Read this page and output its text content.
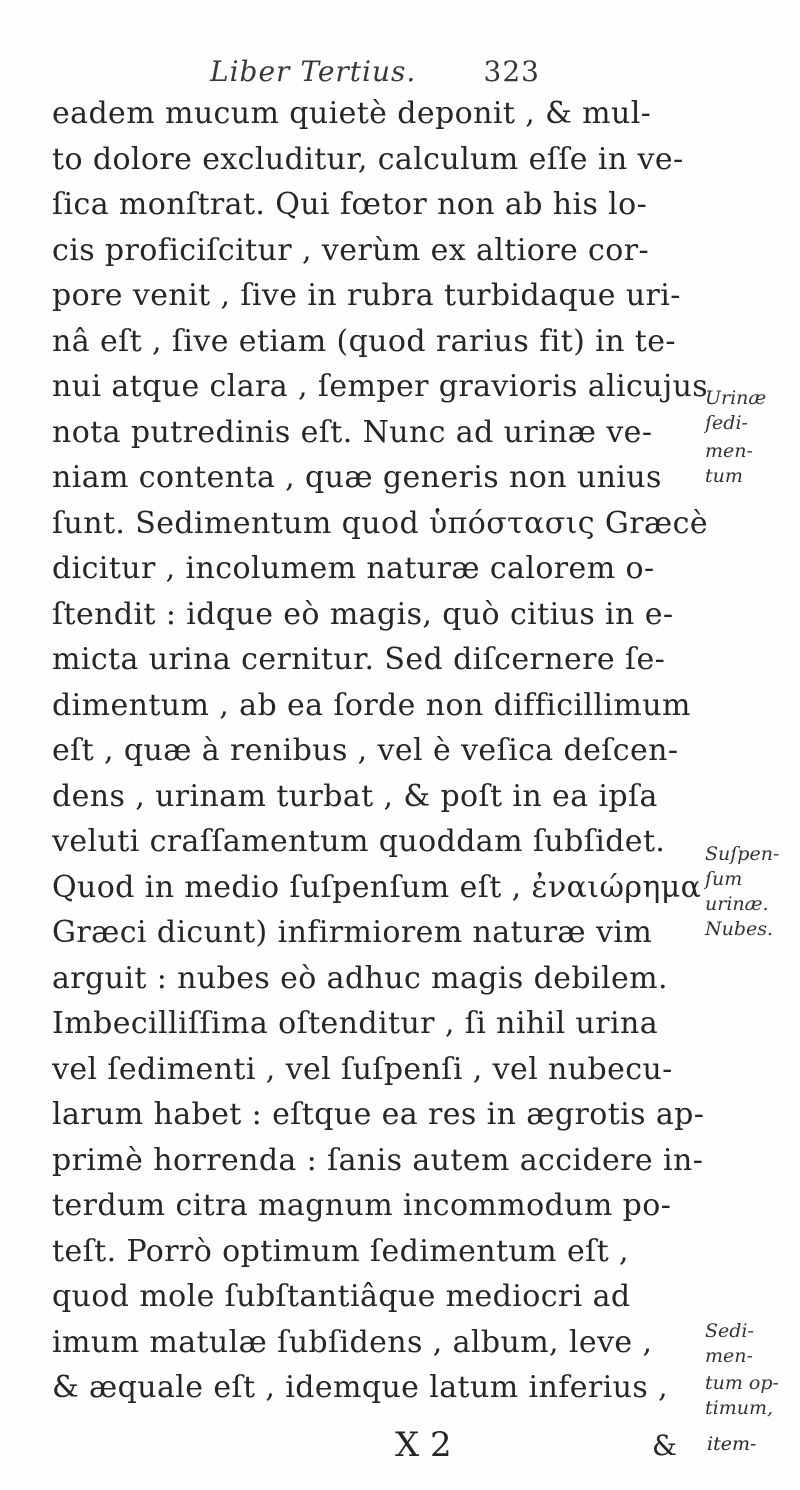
Liber Tertius. 323
eadem mucum quietè deponit , & mul-
to dolore excluditur, calculum eſſe in ve-
ſica monſtrat. Qui fœtor non ab his lo-
cis proficiſcitur , verùm ex altiore cor-
pore venit , ſive in rubra turbidaque uri-
nâ eſt , ſive etiam (quod rarius fit) in te-
nui atque clara , ſemper gravioris alicujus
nota putredinis eſt. Nunc ad urinæ ve-
niam contenta , quæ generis non unius
ſunt. Sedimentum quod ὑπόστασις Græcè
dicitur , incolumem naturæ calorem o-
ſtendit : idque eò magis, quò citius in e-
micta urina cernitur. Sed diſcernere ſe-
dimentum , ab ea ſorde non difficillimum
eſt , quæ à renibus , vel è veſica deſcen-
dens , urinam turbat , & poſt in ea ipſa
veluti craſſamentum quoddam ſubſidet.
Quod in medio ſuſpenſum eſt , ἐναιώρημα
Græci dicunt) infirmiorem naturæ vim
arguit : nubes eò adhuc magis debilem.
Imbecilliſſima oſtenditur , ſi nihil urina
vel ſedimenti , vel ſuſpenſi , vel nubecu-
larum habet : eſtque ea res in ægrotis ap-
primè horrenda : ſanis autem accidere in-
terdum citra magnum incommodum po-
teſt. Porrò optimum ſedimentum eſt ,
quod mole ſubſtantiâque mediocri ad
imum matulæ ſubſidens , album, leve ,
& æquale eſt , idemque latum inferius ,
Urinæ
ſedi-
men-
tum
Suſpen-
ſum
urinæ.
Nubes.
Sedi-
men-
tum op-
timum,
X 2	& item-
